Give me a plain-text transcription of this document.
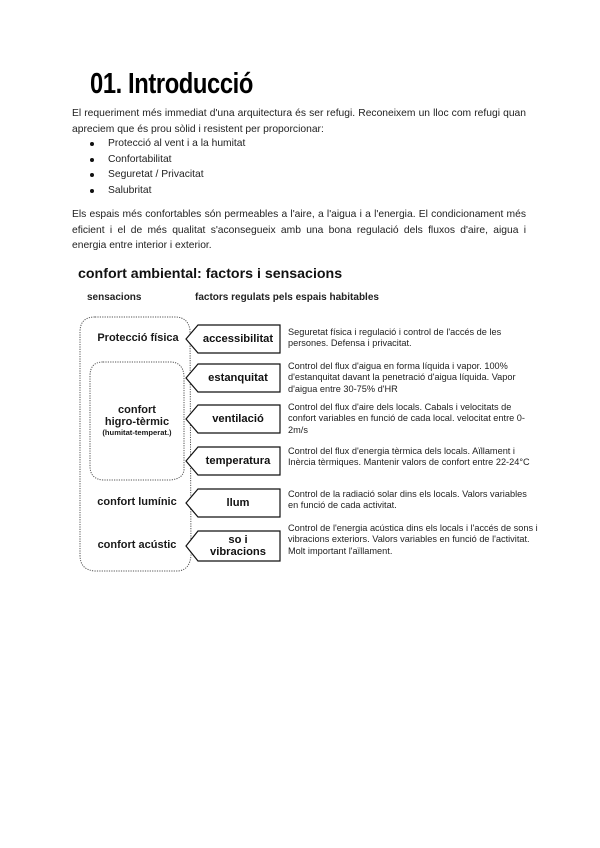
01. Introducció

El requeriment més immediat d'una arquitectura és ser refugi. Reconeixem un lloc com refugi quan apreciem que és prou sòlid i resistent per proporcionar:

Protecció al vent i a la humitat
Confortabilitat
Seguretat / Privacitat
Salubritat

Els espais més confortables són permeables a l'aire, a l'aigua i a l'energia. El condicionament més eficient i el de més qualitat s'aconsegueix amb una bona regulació dels fluxos d'aire, aigua i energia entre interior i exterior.

confort ambiental: factors i sensacions
sensacions	factors regulats pels espais habitables
Protecció física
confort
higro-tèrmic
(humitat-temperat.)
confort lumínic
confort acústic
accessibilitat
estanquitat
ventilació
temperatura
llum
so i
vibracions
Seguretat física i regulació i control de l'accés de les persones. Defensa i privacitat.
Control del flux d'aigua en forma líquida i vapor. 100% d'estanquitat davant la penetració d'aigua líquida. Vapor d'aigua entre 30-75% d'HR
Control del flux d'aire dels locals. Cabals i velocitats de confort variables en funció de cada local. velocitat entre 0-2m/s
Control del flux d'energia tèrmica dels locals. Aïllament i Inèrcia tèrmiques. Mantenir valors de confort entre 22-24°C
Control de la radiació solar dins els locals. Valors variables en funció de cada activitat.
Control de l'energia acústica dins els locals i l'accés de sons i vibracions exteriors. Valors variables en funció de l'activitat. Molt important l'aïllament.
